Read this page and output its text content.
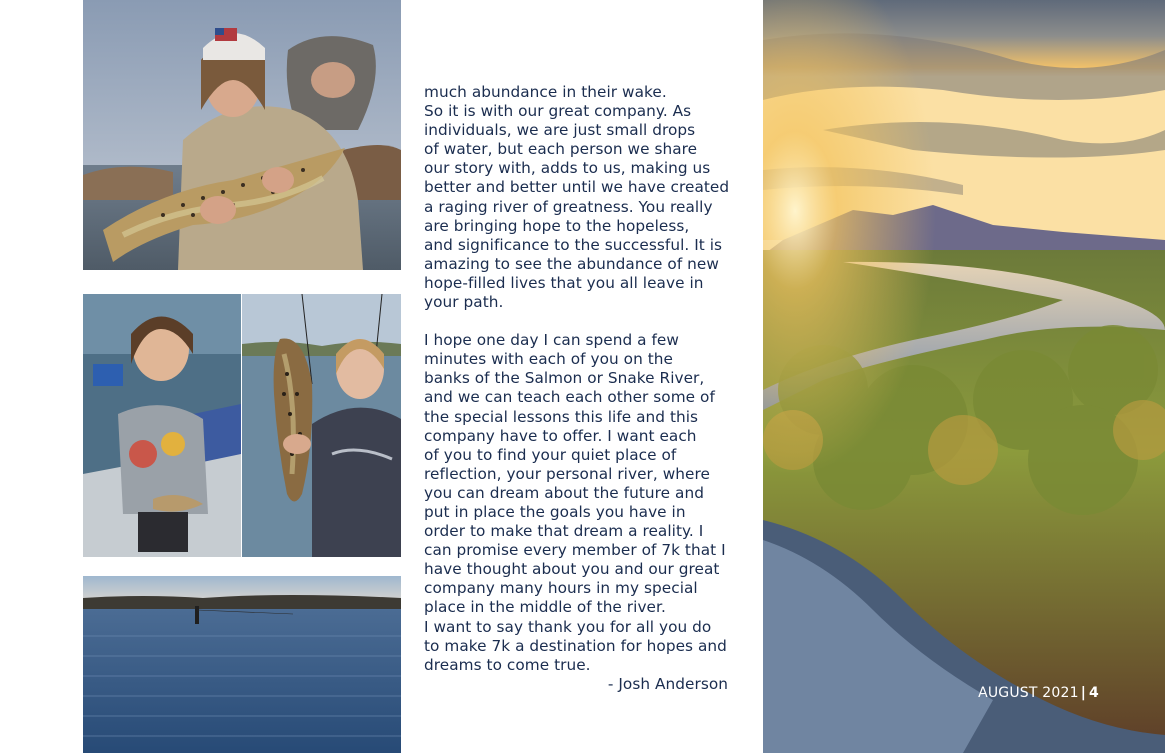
much abundance in their wake.
So it is with our great company. As
individuals, we are just small drops
of water, but each person we share
our story with, adds to us, making us
better and better until we have created
a raging river of greatness. You really
are bringing hope to the hopeless,
and significance to the successful. It is
amazing to see the abundance of new
hope-filled lives that you all leave in
your path.

I hope one day I can spend a few
minutes with each of you on the
banks of the Salmon or Snake River,
and we can teach each other some of
the special lessons this life and this
company have to offer. I want each
of you to find your quiet place of
reflection, your personal river, where
you can dream about the future and
put in place the goals you have in
order to make that dream a reality. I
can promise every member of 7k that I
have thought about you and our great
company many hours in my special
place in the middle of the river.
I want to say thank you for all you do
to make 7k a destination for hopes and
dreams to come true.

- Josh Anderson

AUGUST 2021 | 4
